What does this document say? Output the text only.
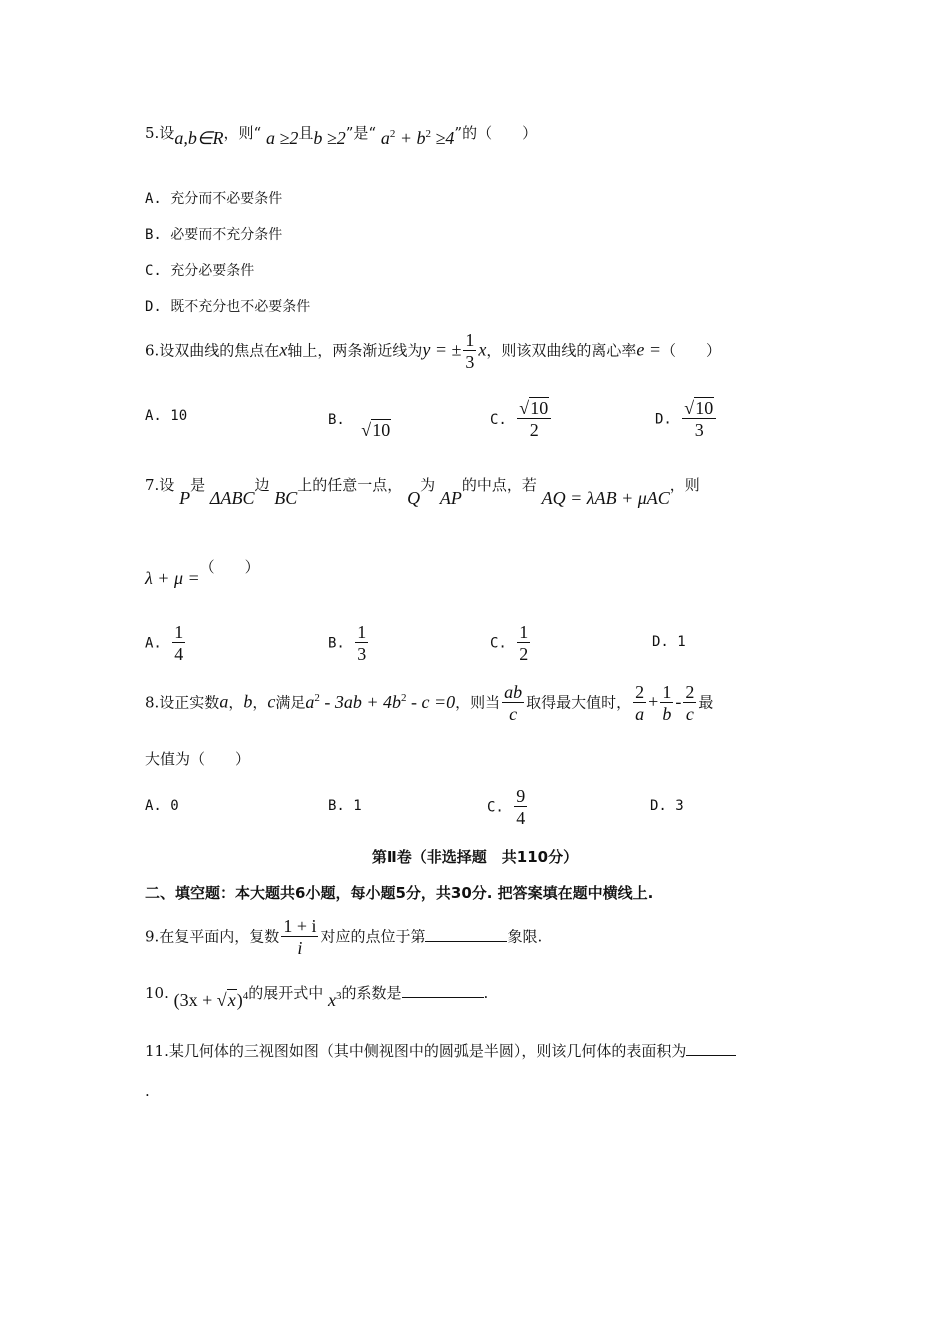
5.设a,b∈R，则“ a ≥2且b ≥2”是“ $a^2 + b^2 \ge 4$”的（　　）
A. 充分而不必要条件
B. 必要而不充分条件
C. 充分必要条件
D. 既不充分也不必要条件
6.设双曲线的焦点在x轴上，两条渐近线为y = ± $\frac{1}{3}$ x，则该双曲线的离心率e =（　　）
A. 10	B. √10
C. $\frac{√10}{2}$	D. $\frac{√10}{3}$
7.设 P是 ΔABC边 BC上的任意一点， Q为 AP的中点，若 AQ = λAB + μAC，则
λ + μ =（　　）
A. $\frac{1}{4}$	B. $\frac{1}{3}$	C. $\frac{1}{2}$	D. 1
8.设正实数a，b，c满足$a^2 - 3ab + 4b^2 - c =0$，则当 $\frac{ab}{c}$ 取得最大值时， $\frac{2}{a} + \frac{1}{b} - \frac{2}{c}$ 最
大值为（　　）
A. 0	B. 1	C. $\frac{9}{4}$	D. 3
第Ⅱ卷（非选择题　共110分）
二、填空题：本大题共6小题，每小题5分，共30分. 把答案填在题中横线上.
9.在复平面内，复数 $\frac{1 + i}{i}$ 对应的点位于第	象限.
10. $(3x + √x)^4$的展开式中 $x^3$的系数是	.
11.某几何体的三视图如图（其中侧视图中的圆弧是半圆），则该几何体的表面积为
.
